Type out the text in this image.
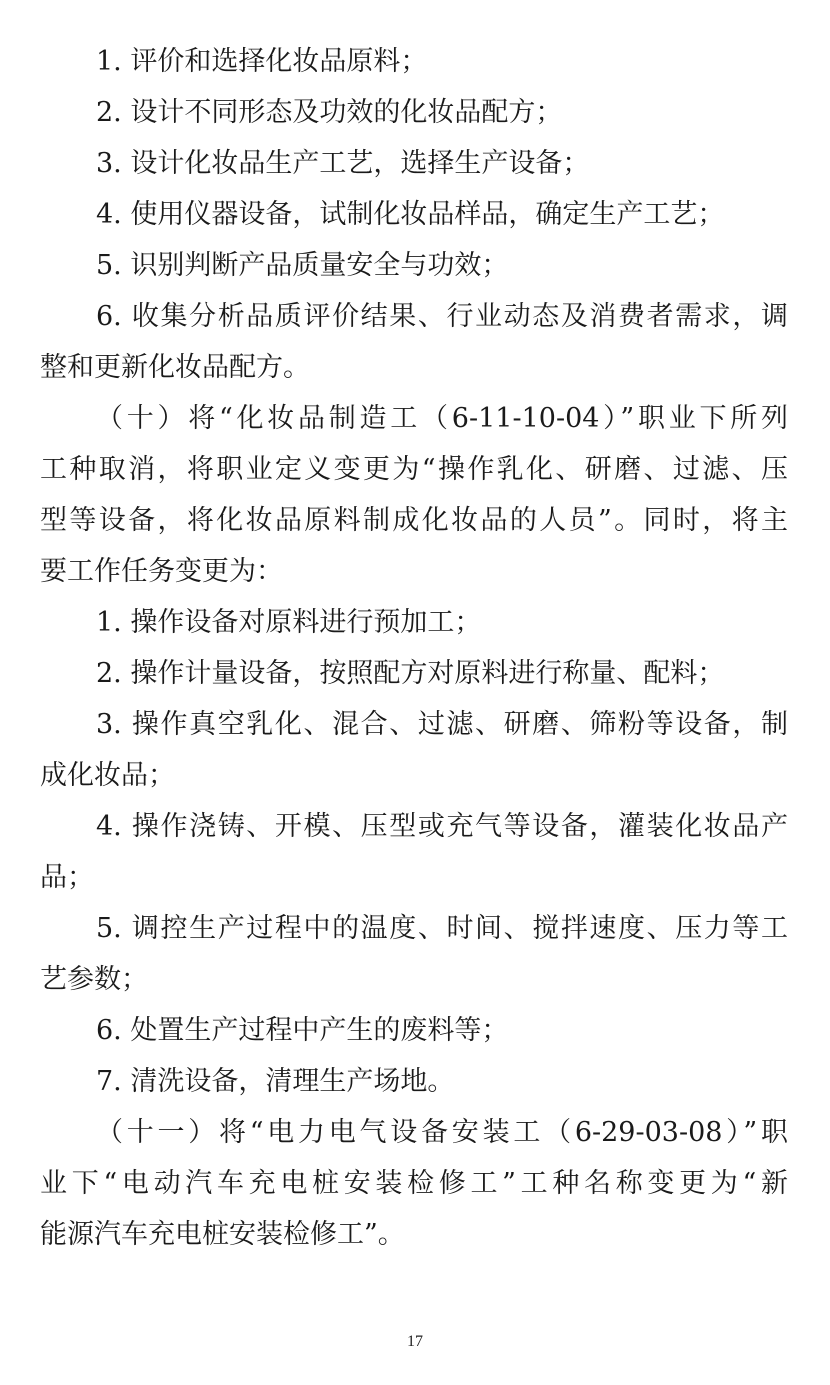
1. 评价和选择化妆品原料；
2. 设计不同形态及功效的化妆品配方；
3. 设计化妆品生产工艺，选择生产设备；
4. 使用仪器设备，试制化妆品样品，确定生产工艺；
5. 识别判断产品质量安全与功效；
6. 收集分析品质评价结果、行业动态及消费者需求，调
整和更新化妆品配方。
（十）将“化妆品制造工（6-11-10-04）”职业下所列
工种取消，将职业定义变更为“操作乳化、研磨、过滤、压
型等设备，将化妆品原料制成化妆品的人员”。同时，将主
要工作任务变更为：
1. 操作设备对原料进行预加工；
2. 操作计量设备，按照配方对原料进行称量、配料；
3. 操作真空乳化、混合、过滤、研磨、筛粉等设备，制
成化妆品；
4. 操作浇铸、开模、压型或充气等设备，灌装化妆品产
品；
5. 调控生产过程中的温度、时间、搅拌速度、压力等工
艺参数；
6. 处置生产过程中产生的废料等；
7. 清洗设备，清理生产场地。
（十一）将“电力电气设备安装工（6-29-03-08）”职
业下“电动汽车充电桩安装检修工”工种名称变更为“新
能源汽车充电桩安装检修工”。
17
